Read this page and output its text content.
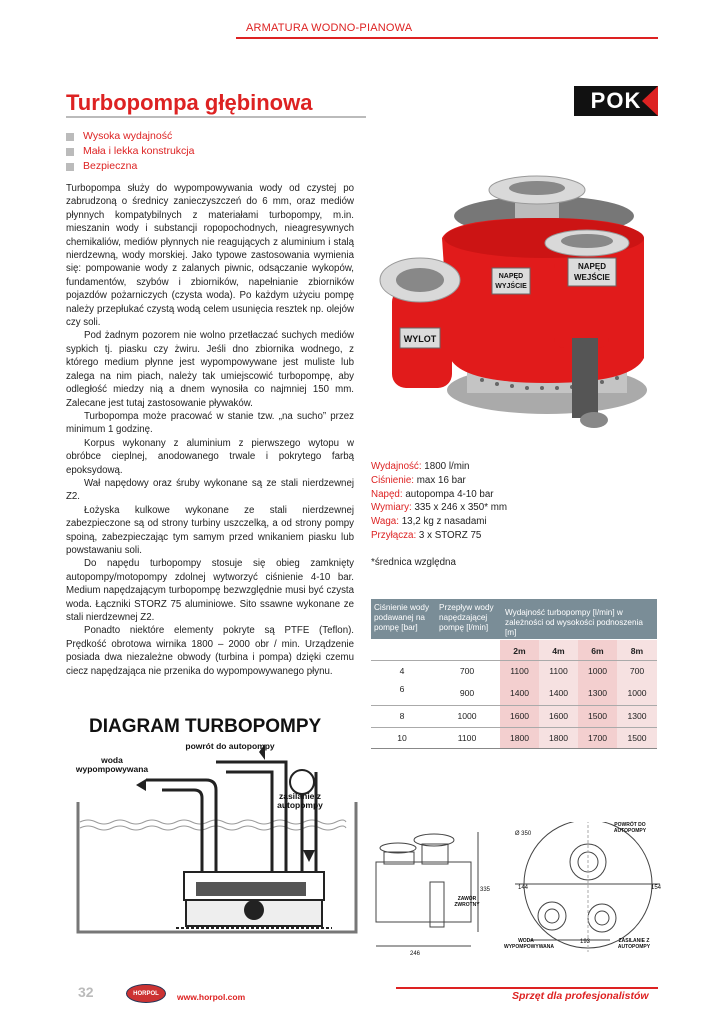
ARMATURA WODNO-PIANOWA
Turbopompa głębinowa	POK
Wysoka wydajność
Mała i lekka konstrukcja
Bezpieczna

Turbopompa służy do wypompowywania wody od czystej po zabrudzoną o średnicy zanieczyszczeń do 6 mm, oraz mediów płynnych kompatybilnych z materiałami turbopompy, m.in. mieszanin wody i substancji ropopochodnych, nieagresywnych chemikaliów, mediów płynnych nie reagujących z aluminium i stalą nierdzewną, wody morskiej. Jako typowe zastosowania wymienia się: pompowanie wody z zalanych piwnic, odsączanie wykopów, fundamentów, szybów i zbiorników, napełnianie zbiorników pojazdów pożarniczych (czysta woda). Po każdym użyciu pompę należy przepłukać czystą wodą celem usunięcia resztek np. olejów czy soli.

Pod żadnym pozorem nie wolno przetłaczać suchych mediów sypkich tj. piasku czy żwiru. Jeśli dno zbiornika wodnego, z którego medium płynne jest wypompowywane jest muliste lub zalega na nim piach, należy tak umiejscowić turbopompę, aby odległość miedzy nią a dnem wynosiła co najmniej 150 mm. Zalecane jest tutaj zastosowanie pływaków.

Turbopompa może pracować w stanie tzw. „na sucho” przez minimum 1 godzinę.

Korpus wykonany z aluminium z pierwszego wytopu w obróbce cieplnej, anodowanego trwale i pokrytego farbą epoksydową.

Wał napędowy oraz śruby wykonane są ze stali nierdzewnej Z2.

Łożyska kulkowe wykonane ze stali nierdzewnej zabezpieczone są od strony turbiny uszczelką, a od strony pompy spoiną, zabezpieczając tym samym przed wnikaniem piasku lub powstawaniu soli.

Do napędu turbopompy stosuje się obieg zamknięty autopompy/motopompy zdolnej wytworzyć ciśnienie 4-10 bar. Medium napędzającym turbopompę bezwzględnie musi być czysta woda. Łączniki STORZ 75 aluminiowe. Sito ssawne wykonane ze stali nierdzewnej Z2.

Ponadto niektóre elementy pokryte są PTFE (Teflon). Prędkość obrotowa wirnika 1800 – 2000 obr / min. Urządzenie posiada dwa niezależne obwody (turbina i pompa) dzięki czemu ciecz napędzająca nie przenika do wypompowywanego płynu.

NAPĘD
WEJŚCIE
NAPĘD
WYJŚCIE
WYLOT
Wydajność: 1800 l/min
Ciśnienie: max 16 bar
Napęd: autopompa 4-10 bar
Wymiary: 335 x 246 x 350* mm
Waga: 13,2 kg z nasadami
Przyłącza: 3 x STORZ 75
*średnica względna
Ciśnienie wody podawanej na pompę [bar]
Przepływ wody napędzającej pompę [l/min]
Wydajność turbopompy [l/min] w zależności od wysokości podnoszenia [m]
2m	4m	6m	8m
4	700	1100	1100	1000	700
6	900	1400	1400	1300	1000
8	1000	1600	1600	1500	1300
10	1100	1800	1800	1700	1500
DIAGRAM TURBOPOMPY
powrót do autopompy
woda wypompowywana
zasilanie z autopompy
335
246
Ø 350
144	154
193
ZAWÓR ZWROTNY
POWRÓT DO AUTOPOMPY
WODA WYPOMPOWYWANA
ZASILANIE Z AUTOPOMPY
32	HORPOL www.horpol.com	Sprzęt dla profesjonalistów
